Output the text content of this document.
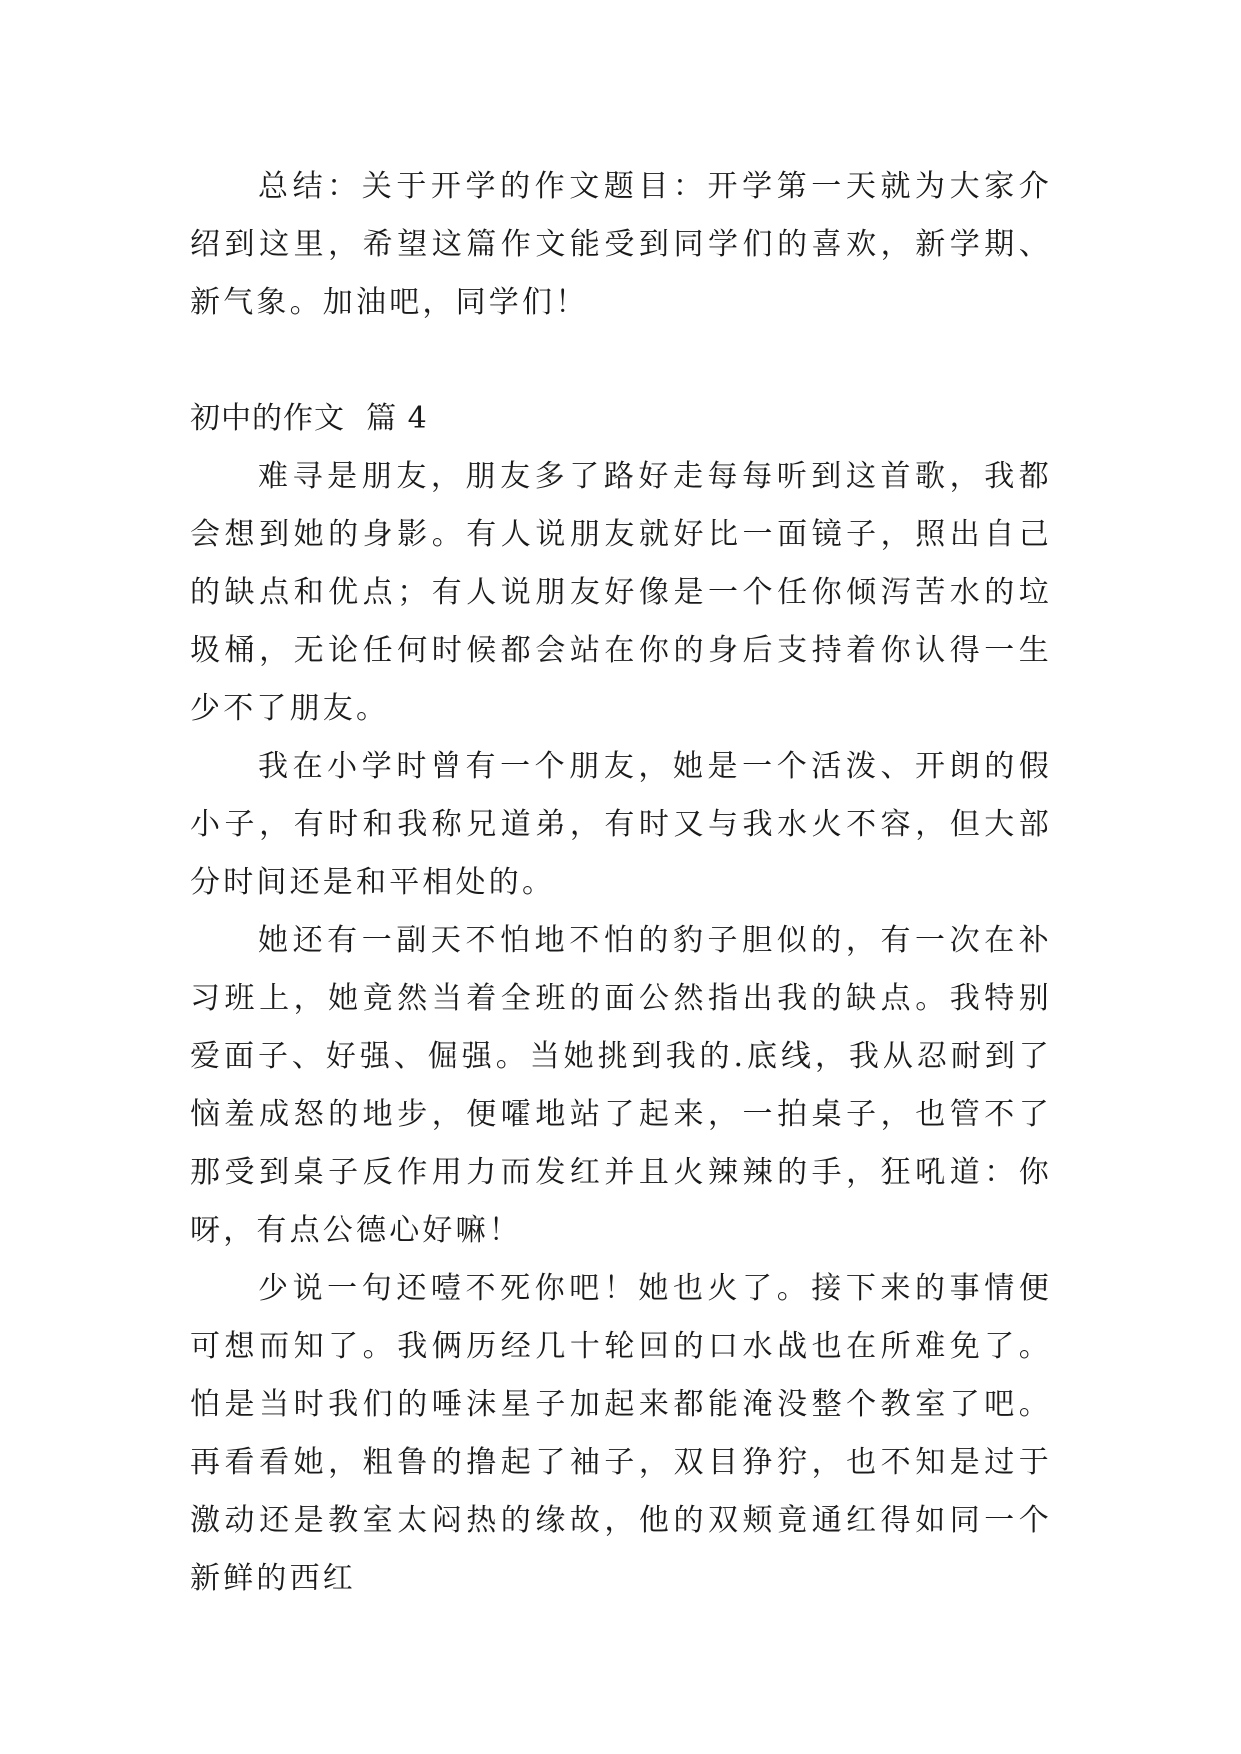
总结：关于开学的作文题目：开学第一天就为大家介绍到这里，希望这篇作文能受到同学们的喜欢，新学期、新气象。加油吧，同学们！

初中的作文  篇 4

难寻是朋友，朋友多了路好走每每听到这首歌，我都会想到她的身影。有人说朋友就好比一面镜子，照出自己的缺点和优点；有人说朋友好像是一个任你倾泻苦水的垃圾桶，无论任何时候都会站在你的身后支持着你认得一生少不了朋友。

我在小学时曾有一个朋友，她是一个活泼、开朗的假小子，有时和我称兄道弟，有时又与我水火不容，但大部分时间还是和平相处的。

她还有一副天不怕地不怕的豹子胆似的，有一次在补习班上，她竟然当着全班的面公然指出我的缺点。我特别爱面子、好强、倔强。当她挑到我的.底线，我从忍耐到了恼羞成怒的地步，便嚯地站了起来，一拍桌子，也管不了那受到桌子反作用力而发红并且火辣辣的手，狂吼道：你呀，有点公德心好嘛！

少说一句还噎不死你吧！她也火了。接下来的事情便可想而知了。我俩历经几十轮回的口水战也在所难免了。怕是当时我们的唾沫星子加起来都能淹没整个教室了吧。再看看她，粗鲁的撸起了袖子，双目狰狞，也不知是过于激动还是教室太闷热的缘故，他的双颊竟通红得如同一个新鲜的西红
